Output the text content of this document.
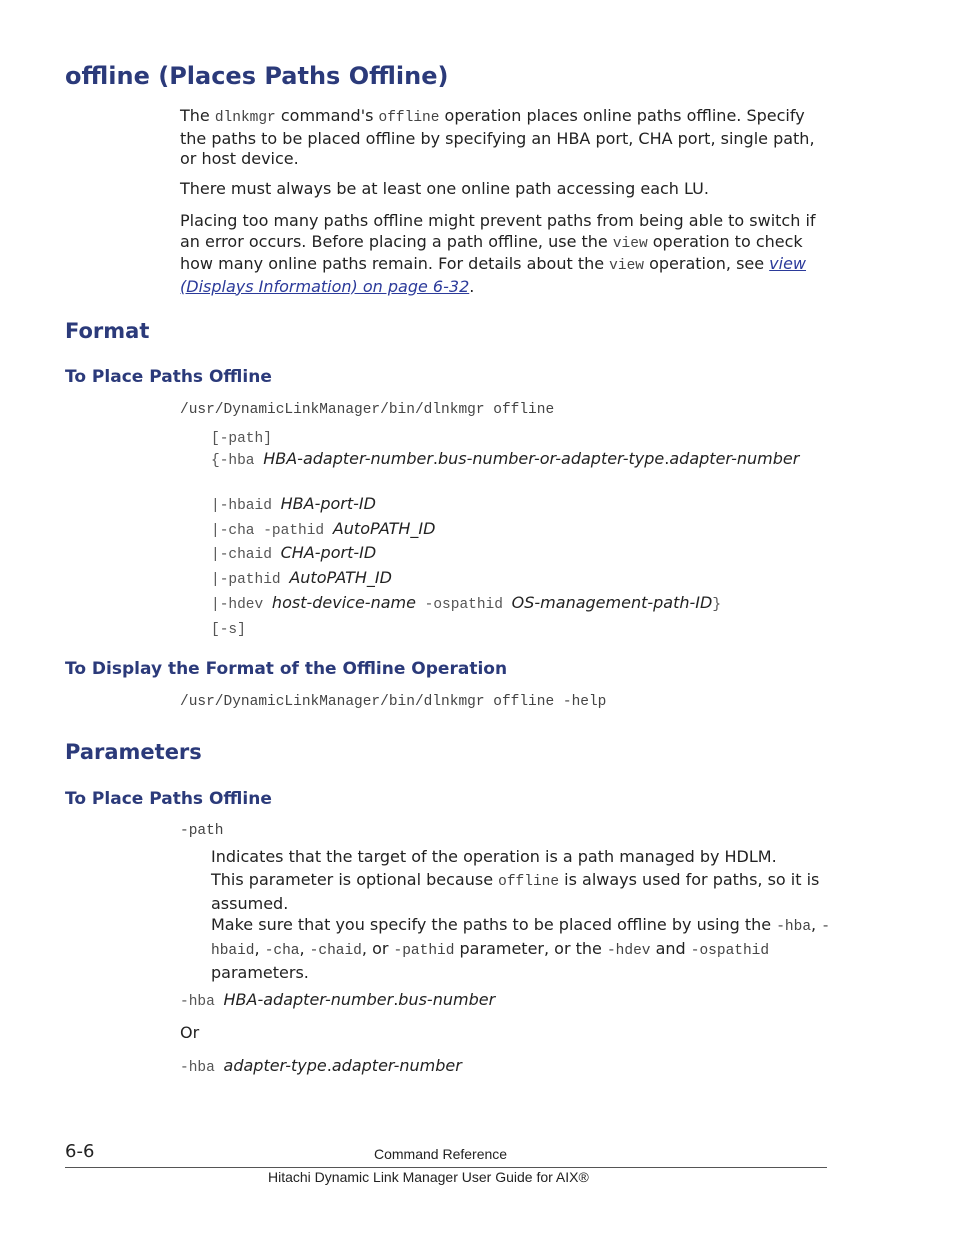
offline (Places Paths Offline)

The dlnkmgr command's offline operation places online paths offline. Specify the paths to be placed offline by specifying an HBA port, CHA port, single path, or host device.

There must always be at least one online path accessing each LU.

Placing too many paths offline might prevent paths from being able to switch if an error occurs. Before placing a path offline, use the view operation to check how many online paths remain. For details about the view operation, see view (Displays Information) on page 6-32.

Format
To Place Paths Offline
/usr/DynamicLinkManager/bin/dlnkmgr offline

[-path]

{-hba HBA-adapter-number.bus-number-or-adapter-type.adapter-number

|-hbaid HBA-port-ID

|-cha -pathid AutoPATH_ID

|-chaid CHA-port-ID

|-pathid AutoPATH_ID

|-hdev host-device-name -ospathid OS-management-path-ID}

[-s]

To Display the Format of the Offline Operation
/usr/DynamicLinkManager/bin/dlnkmgr offline -help
Parameters
To Place Paths Offline
-path

Indicates that the target of the operation is a path managed by HDLM.

This parameter is optional because offline is always used for paths, so it is assumed.

Make sure that you specify the paths to be placed offline by using the -hba, -hbaid, -cha, -chaid, or -pathid parameter, or the -hdev and -ospathid parameters.

-hba HBA-adapter-number.bus-number

Or

-hba adapter-type.adapter-number

6-6	Command Reference
Hitachi Dynamic Link Manager User Guide for AIX®
